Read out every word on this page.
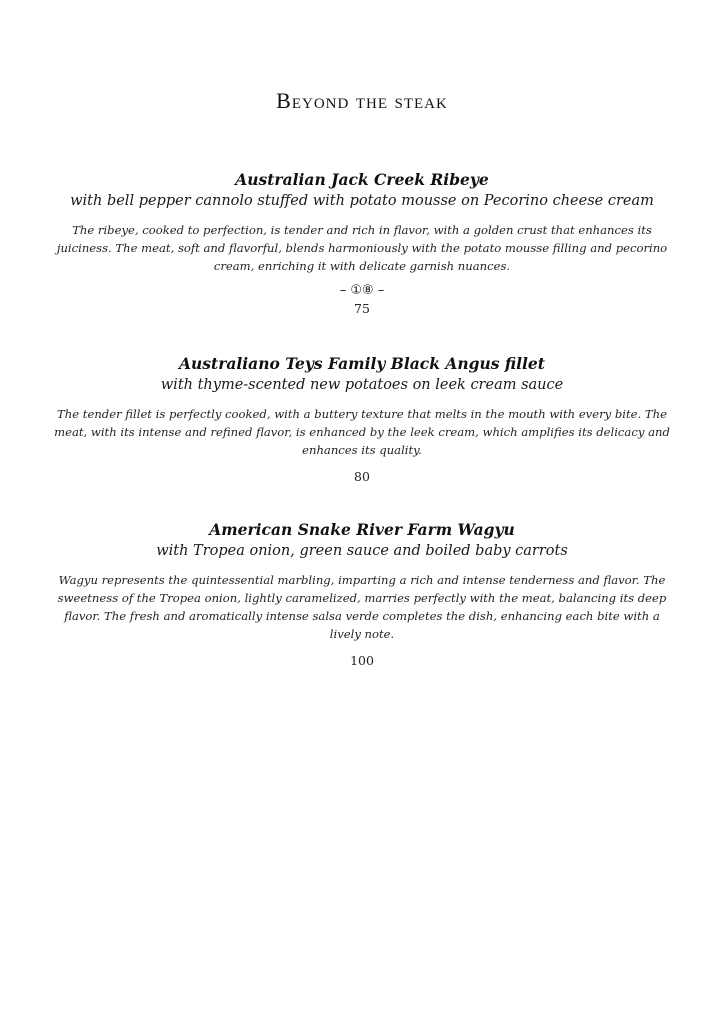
Beyond the steak
Australian Jack Creek Ribeye

with bell pepper cannolo stuffed with potato mousse on Pecorino cheese cream

The ribeye, cooked to perfection, is tender and rich in flavor, with a golden crust that enhances its juiciness. The meat, soft and flavorful, blends harmoniously with the potato mousse filling and pecorino cream, enriching it with delicate garnish nuances.

– ①⑧ –

75

Australiano Teys Family Black Angus fillet

with thyme-scented new potatoes on leek cream sauce

The tender fillet is perfectly cooked, with a buttery texture that melts in the mouth with every bite. The meat, with its intense and refined flavor, is enhanced by the leek cream, which amplifies its delicacy and enhances its quality.

80

American Snake River Farm Wagyu

with Tropea onion, green sauce and boiled baby carrots

Wagyu represents the quintessential marbling, imparting a rich and intense tenderness and flavor. The sweetness of the Tropea onion, lightly caramelized, marries perfectly with the meat, balancing its deep flavor. The fresh and aromatically intense salsa verde completes the dish, enhancing each bite with a lively note.

100
